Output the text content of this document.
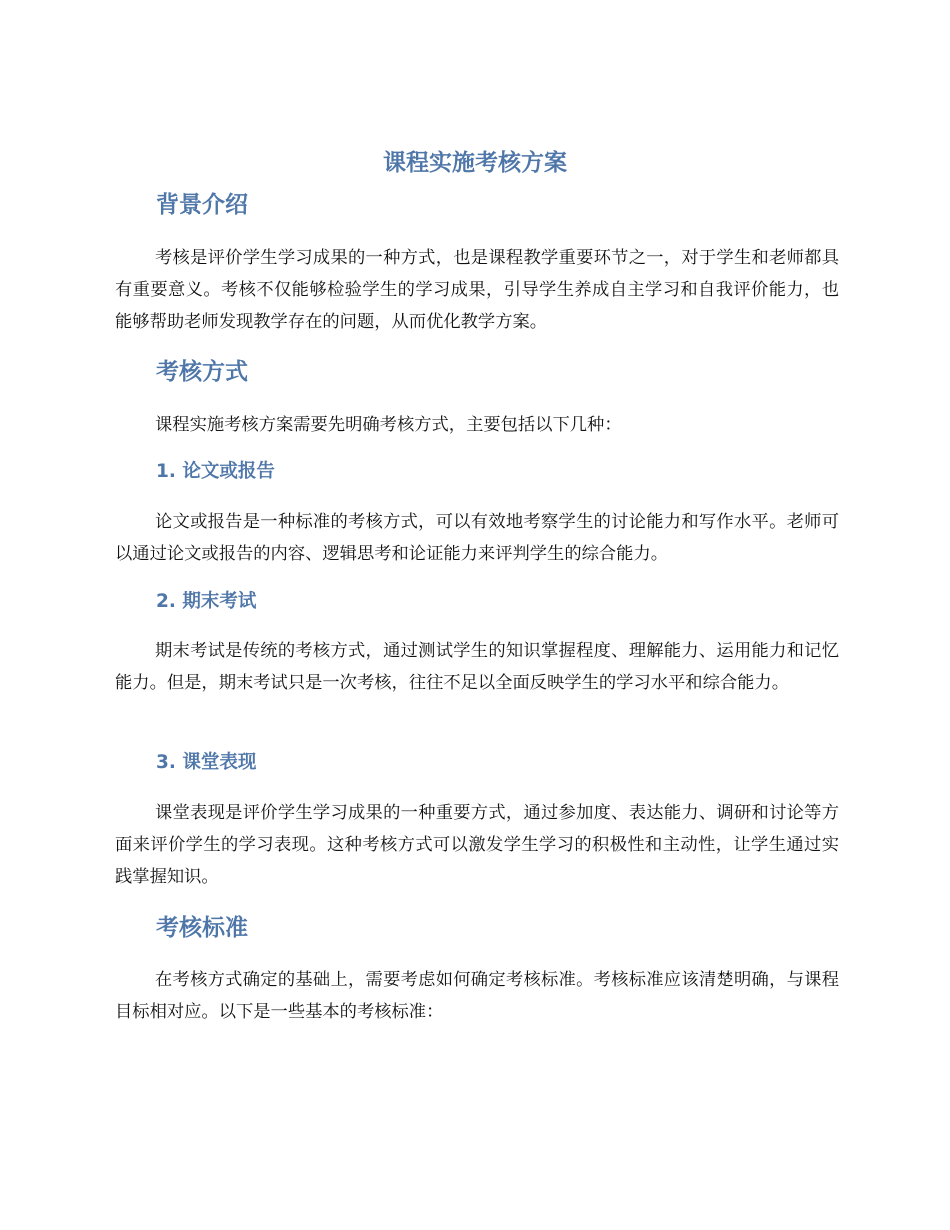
课程实施考核方案
背景介绍

考核是评价学生学习成果的一种方式，也是课程教学重要环节之一，对于学生和老师都具有重要意义。考核不仅能够检验学生的学习成果，引导学生养成自主学习和自我评价能力，也能够帮助老师发现教学存在的问题，从而优化教学方案。

考核方式

课程实施考核方案需要先明确考核方式，主要包括以下几种：

1. 论文或报告

论文或报告是一种标准的考核方式，可以有效地考察学生的讨论能力和写作水平。老师可以通过论文或报告的内容、逻辑思考和论证能力来评判学生的综合能力。

2. 期末考试

期末考试是传统的考核方式，通过测试学生的知识掌握程度、理解能力、运用能力和记忆能力。但是，期末考试只是一次考核，往往不足以全面反映学生的学习水平和综合能力。

3. 课堂表现

课堂表现是评价学生学习成果的一种重要方式，通过参加度、表达能力、调研和讨论等方面来评价学生的学习表现。这种考核方式可以激发学生学习的积极性和主动性，让学生通过实践掌握知识。

考核标准

在考核方式确定的基础上，需要考虑如何确定考核标准。考核标准应该清楚明确，与课程目标相对应。以下是一些基本的考核标准：
